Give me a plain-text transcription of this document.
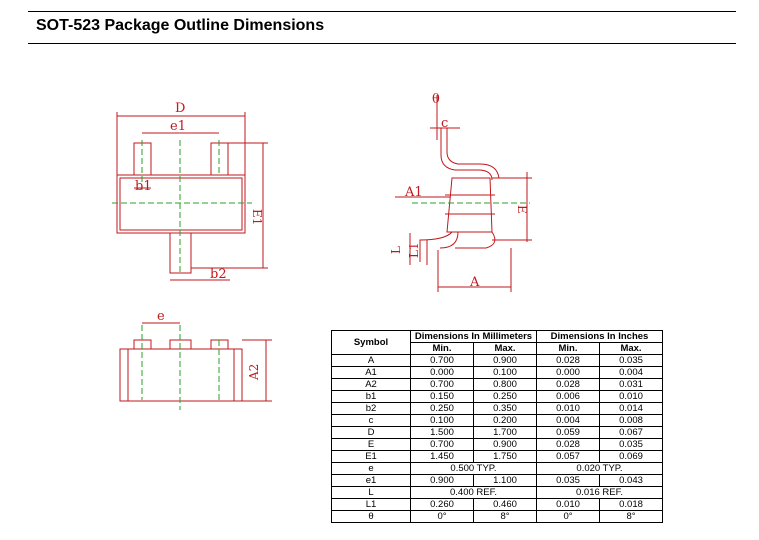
SOT-523 Package Outline Dimensions
D
e1
b1
b2
E1
θ
c
A1
E
L L1
A
e
A2
Symbol	Dimensions In Millimeters		Dimensions In Inches	
	Min.	Max.	Min.	Max.
A	0.700	0.900	0.028	0.035
A1	0.000	0.100	0.000	0.004
A2	0.700	0.800	0.028	0.031
b1	0.150	0.250	0.006	0.010
b2	0.250	0.350	0.010	0.014
c	0.100	0.200	0.004	0.008
D	1.500	1.700	0.059	0.067
E	0.700	0.900	0.028	0.035
E1	1.450	1.750	0.057	0.069
e	0.500 TYP.		0.020 TYP.	
e1	0.900	1.100	0.035	0.043
L	0.400 REF.		0.016 REF.	
L1	0.260	0.460	0.010	0.018
θ	0°	8°	0°	8°
